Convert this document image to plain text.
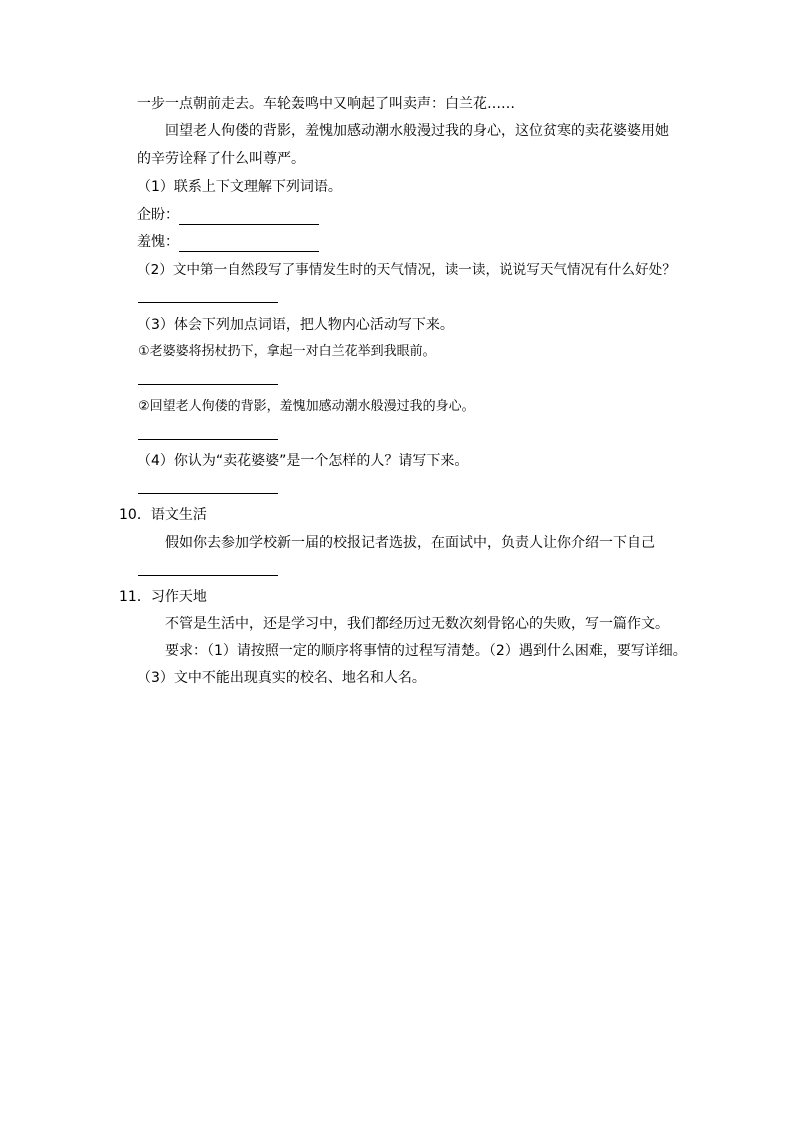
一步一点朝前走去。车轮轰鸣中又响起了叫卖声：白兰花……
回望老人佝偻的背影，羞愧加感动潮水般漫过我的身心，这位贫寒的卖花婆婆用她
的辛劳诠释了什么叫尊严。
（1）联系上下文理解下列词语。
企盼：
羞愧：
（2）文中第一自然段写了事情发生时的天气情况，读一读，说说写天气情况有什么好处？
（3）体会下列加点词语，把人物内心活动写下来。
①老婆婆将拐杖扔下，拿起一对白兰花举到我眼前。
②回望老人佝偻的背影，羞愧加感动潮水般漫过我的身心。
（4）你认为“卖花婆婆”是一个怎样的人？请写下来。
10．语文生活
假如你去参加学校新一届的校报记者选拔，在面试中，负责人让你介绍一下自己
11．习作天地
不管是生活中，还是学习中，我们都经历过无数次刻骨铭心的失败，写一篇作文。
要求：（1）请按照一定的顺序将事情的过程写清楚。（2）遇到什么困难，要写详细。
（3）文中不能出现真实的校名、地名和人名。
